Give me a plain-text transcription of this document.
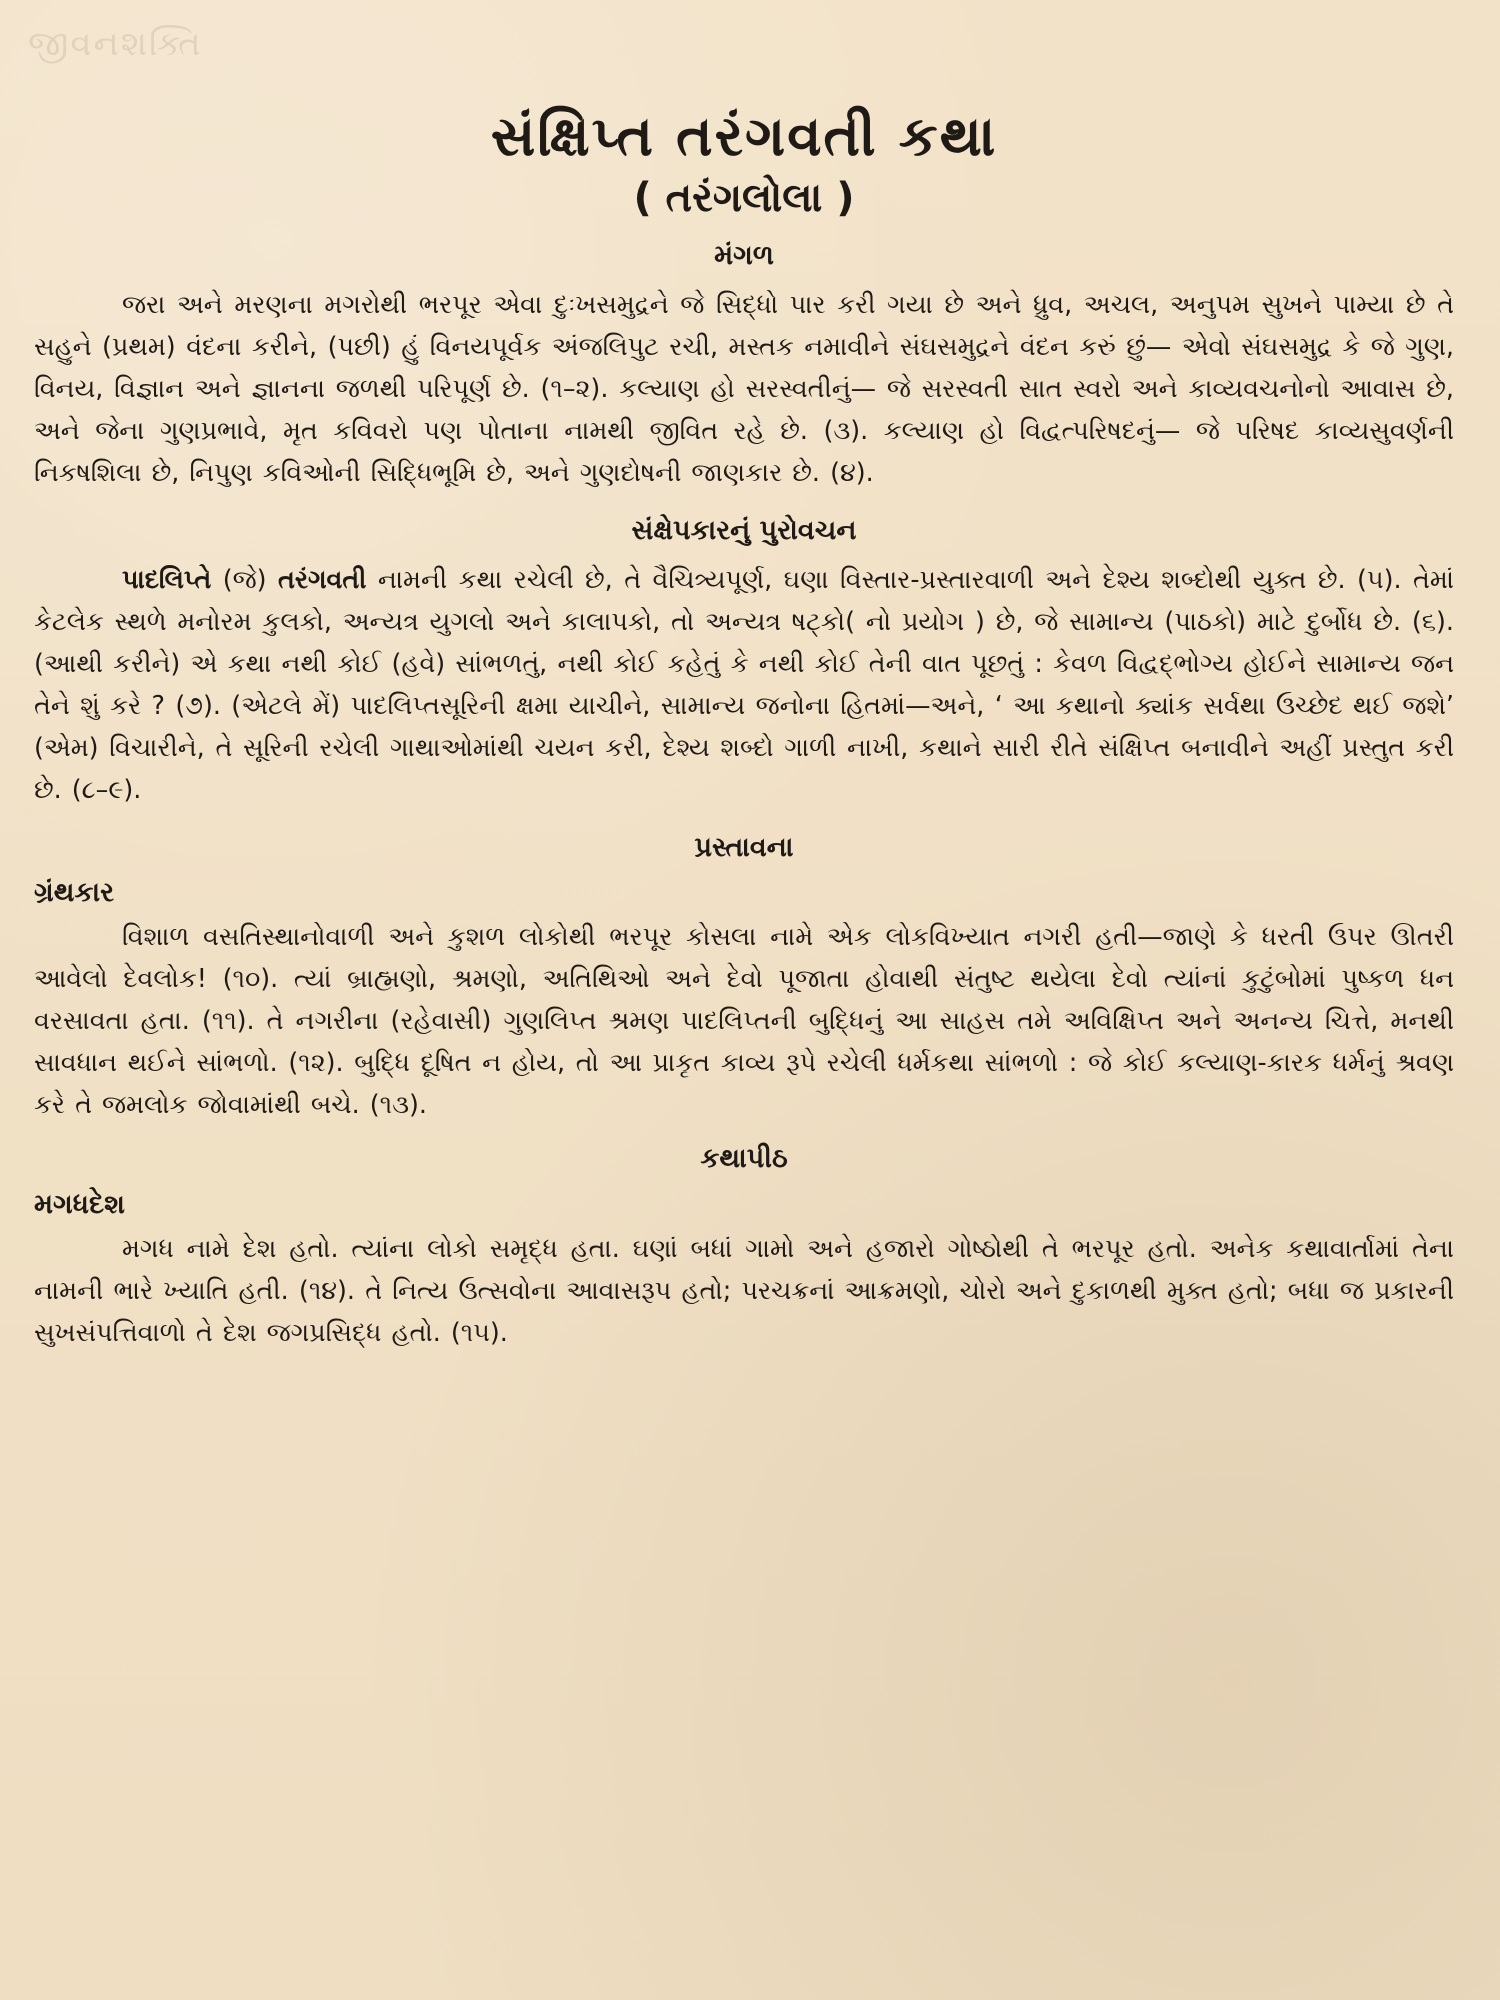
જીવનશક્તિ
સંક્ષિપ્ત તરંગવતી કથા
( તરંગલોલા )
મંગળ

જરા અને મરણના મગરોથી ભરપૂર એવા દુઃખસમુદ્રને જે સિદ્ધો પાર કરી ગયા છે અને ધ્રુવ, અચલ, અનુપમ સુખને પામ્યા છે તે સહુને (પ્રથમ) વંદના કરીને, (પછી) હું વિનયપૂર્વક અંજલિપુટ રચી, મસ્તક નમાવીને સંઘસમુદ્રને વંદન કરું છું— એવો સંઘસમુદ્ર કે જે ગુણ, વિનય, વિજ્ઞાન અને જ્ઞાનના જળથી પરિપૂર્ણ છે. (૧–૨). કલ્યાણ હો સરસ્વતીનું— જે સરસ્વતી સાત સ્વરો અને કાવ્યવચનોનો આવાસ છે, અને જેના ગુણપ્રભાવે, મૃત કવિવરો પણ પોતાના નામથી જીવિત રહે છે. (૩). કલ્યાણ હો વિદ્વત્પરિષદનું— જે પરિષદ કાવ્યસુવર્ણની નિકષશિલા છે, નિપુણ કવિઓની સિદ્ધિભૂમિ છે, અને ગુણદોષની જાણકાર છે. (૪).

સંક્ષેપકારનું પુરોવચન

પાદલિપ્તે (જે) તરંગવતી નામની કથા રચેલી છે, તે વૈચિત્ર્યપૂર્ણ, ઘણા વિસ્તાર-પ્રસ્તારવાળી અને દેશ્ય શબ્દોથી યુક્ત છે. (૫). તેમાં કેટલેક સ્થળે મનોરમ કુલકો, અન્યત્ર યુગલો અને કાલાપકો, તો અન્યત્ર ષટ્કો( નો પ્રયોગ ) છે, જે સામાન્ય (પાઠકો) માટે દુર્બોધ છે. (૬). (આથી કરીને) એ કથા નથી કોઈ (હવે) સાંભળતું, નથી કોઈ કહેતું કે નથી કોઈ તેની વાત પૂછતું : કેવળ વિદ્વદ્ભોગ્ય હોઈને સામાન્ય જન તેને શું કરે ? (૭). (એટલે મેં) પાદલિપ્તસૂરિની ક્ષમા યાચીને, સામાન્ય જનોના હિતમાં—અને, ‘ આ કથાનો ક્યાંક સર્વથા ઉચ્છેદ થઈ જશે’ (એમ) વિચારીને, તે સૂરિની રચેલી ગાથાઓમાંથી ચયન કરી, દેશ્ય શબ્દો ગાળી નાખી, કથાને સારી રીતે સંક્ષિપ્ત બનાવીને અહીં પ્રસ્તુત કરી છે. (૮–૯).

પ્રસ્તાવના
ગ્રંથકાર

વિશાળ વસતિસ્થાનોવાળી અને કુશળ લોકોથી ભરપૂર કોસલા નામે એક લોકવિખ્યાત નગરી હતી—જાણે કે ધરતી ઉપર ઊતરી આવેલો દેવલોક! (૧૦). ત્યાં બ્રાહ્મણો, શ્રમણો, અતિથિઓ અને દેવો પૂજાતા હોવાથી સંતુષ્ટ થયેલા દેવો ત્યાંનાં કુટુંબોમાં પુષ્કળ ધન વરસાવતા હતા. (૧૧). તે નગરીના (રહેવાસી) ગુણલિપ્ત શ્રમણ પાદલિપ્તની બુદ્ધિનું આ સાહસ તમે અવિક્ષિપ્ત અને અનન્ય ચિત્તે, મનથી સાવધાન થઈને સાંભળો. (૧૨). બુદ્ધિ દૂષિત ન હોય, તો આ પ્રાકૃત કાવ્ય રૂપે રચેલી ધર્મકથા સાંભળો : જે કોઈ કલ્યાણ-કારક ધર્મનું શ્રવણ કરે તે જમલોક જોવામાંથી બચે. (૧૩).

કથાપીઠ
મગધદેશ

મગધ નામે દેશ હતો. ત્યાંના લોકો સમૃદ્ધ હતા. ઘણાં બધાં ગામો અને હજારો ગોષ્ઠોથી તે ભરપૂર હતો. અનેક કથાવાર્તામાં તેના નામની ભારે ખ્યાતિ હતી. (૧૪). તે નિત્ય ઉત્સવોના આવાસરૂપ હતો; પરચક્રનાં આક્રમણો, ચોરો અને દુકાળથી મુક્ત હતો; બધા જ પ્રકારની સુખસંપત્તિવાળો તે દેશ જગપ્રસિદ્ધ હતો. (૧૫).
